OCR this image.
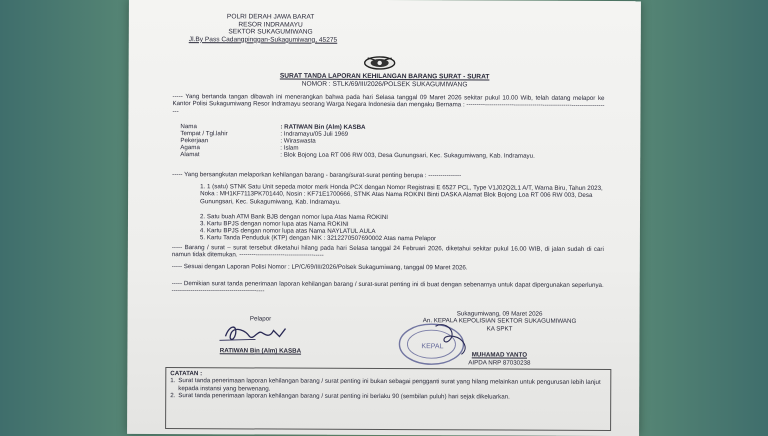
POLRI DERAH JAWA BARAT
RESOR INDRAMAYU
SEKTOR SUKAGUMIWANG
Jl.By Pass Cadangpinggan-Sukagumiwang, 45275
SURAT TANDA LAPORAN KEHILANGAN BARANG SURAT - SURAT
NOMOR : STLK/69/III/2026/POLSEK SUKAGUMIWANG
----- Yang bertanda tangan dibawah ini menerangkan bahwa pada hari Selasa tanggal 09 Maret 2026 sekitar pukul 10.00 Wib, telah datang melapor ke Kantor Polisi Sukagumiwang Resor Indramayu seorang Warga Negara Indonesia dan mengaku Bernama : ----------------------------------------------------------------------
Nama	: RATIWAN Bin (Alm) KASBA
Tempat / Tgl.lahir	: Indramayu/05 Juli 1969
Pekerjaan	: Wiraswasta
Agama	: Islam
Alamat	: Blok Bojong Loa RT 006 RW 003, Desa Gunungsari, Kec. Sukagumiwang, Kab. Indramayu.
----- Yang bersangkutan melaporkan kehilangan barang - barang/surat-surat penting berupa : ----------------
1. 1 (satu) STNK Satu Unit sepeda motor merk Honda PCX dengan Nomor Registrasi E 6527 PCL, Type V1J02Q2L1 A/T, Warna Biru, Tahun 2023, Noka : MH1KF7113PK701440, Nosin : KF71E1700666, STNK Atas Nama ROKINI Binti DASKA Alamat Blok Bojong Loa RT 006 RW 003, Desa Gunungsari, Kec. Sukagumiwang, Kab. Indramayu.
2. Satu buah ATM Bank BJB dengan nomor lupa Atas Nama ROKINI
3. Kartu BPJS dengan nomor lupa atas Nama ROKINI
4. Kartu BPJS dengan nomor lupa atas Nama NAYLATUL AULA
5. Kartu Tanda Penduduk (KTP) dengan NIK : 3212270507690002 Atas nama Pelapor
----- Barang / surat – surat tersebut diketahui hilang pada hari Selasa tanggal 24 Februari 2026, diketahui sekitar pukul 16.00 WIB, di jalan sudah di cari namun tidak ditemukan. -----------------------------------------
----- Sesuai dengan Laporan Polisi Nomor : LP/C/69/III/2026/Polsek Sukagumiwang, tanggal 09 Maret 2026.
----- Demikian surat tanda penerimaan laporan kehilangan barang / surat-surat penting ini di buat dengan sebenarnya untuk dapat dipergunakan seperlunya. ---------------------------------------------
Pelapor
RATIWAN Bin (Alm) KASBA
Sukagumiwang, 09 Maret 2026
An. KEPALA KEPOLISIAN SEKTOR SUKAGUMIWANG
KA SPKT
MUHAMAD YANTO
AIPDA NRP 87030238
KEPAL
CATATAN :
1. Surat tanda penerimaan laporan kehilangan barang / surat penting ini bukan sebagai pengganti surat yang hilang melainkan untuk pengurusan lebih lanjut kepada instansi yang berwenang.
2. Surat tanda penerimaan laporan kehilangan barang / surat penting ini berlaku 90 (sembilan puluh) hari sejak dikeluarkan.
